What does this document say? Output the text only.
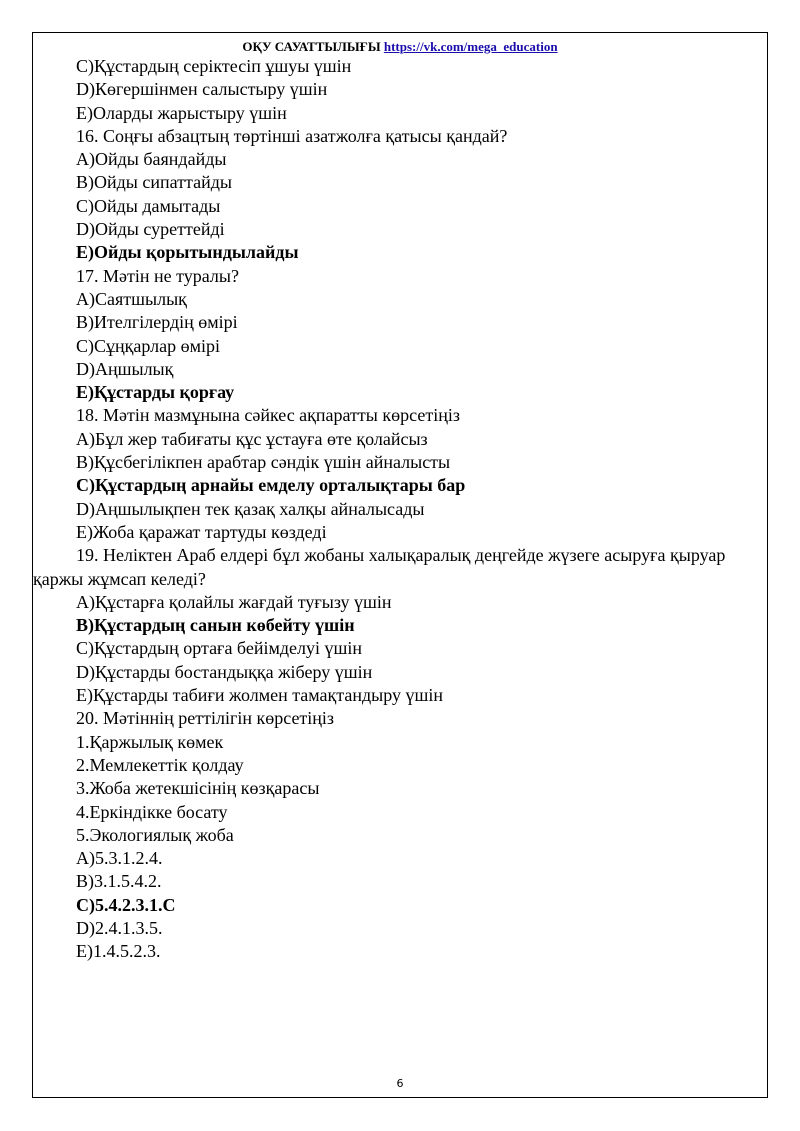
ОҚУ САУАТТЫЛЫҒЫ https://vk.com/mega_education
C)Құстардың серіктесіп ұшуы үшін
D)Көгершінмен салыстыру үшін
E)Оларды жарыстыру үшін
16. Соңғы абзацтың төртінші азатжолға қатысы қандай?
A)Ойды баяндайды
B)Ойды сипаттайды
C)Ойды дамытады
D)Ойды суреттейді
E)Ойды қорытындылайды
17. Мәтін не туралы?
A)Саятшылық
B)Ителгілердің өмірі
C)Сұңқарлар өмірі
D)Аңшылық
E)Құстарды қорғау
18. Мәтін мазмұнына сәйкес ақпаратты көрсетіңіз
A)Бұл жер табиғаты құс ұстауға өте қолайсыз
B)Құсбегілікпен арабтар сәндік үшін айналысты
C)Құстардың арнайы емделу орталықтары бар
D)Аңшылықпен тек қазақ халқы айналысады
E)Жоба қаражат тартуды көздеді
19. Неліктен Араб елдері бұл жобаны халықаралық деңгейде жүзеге асыруға қыруар қаржы жұмсап келеді?
A)Құстарға қолайлы жағдай туғызу үшін
B)Құстардың санын көбейту үшін
C)Құстардың ортаға бейімделуі үшін
D)Құстарды бостандыққа жіберу үшін
E)Құстарды табиғи жолмен тамақтандыру үшін
20. Мәтіннің реттілігін көрсетіңіз
1.Қаржылық көмек
2.Мемлекеттік қолдау
3.Жоба жетекшісінің көзқарасы
4.Еркіндікке босату
5.Экологиялық жоба
A)5.3.1.2.4.
B)3.1.5.4.2.
C)5.4.2.3.1.C
D)2.4.1.3.5.
E)1.4.5.2.3.
6
